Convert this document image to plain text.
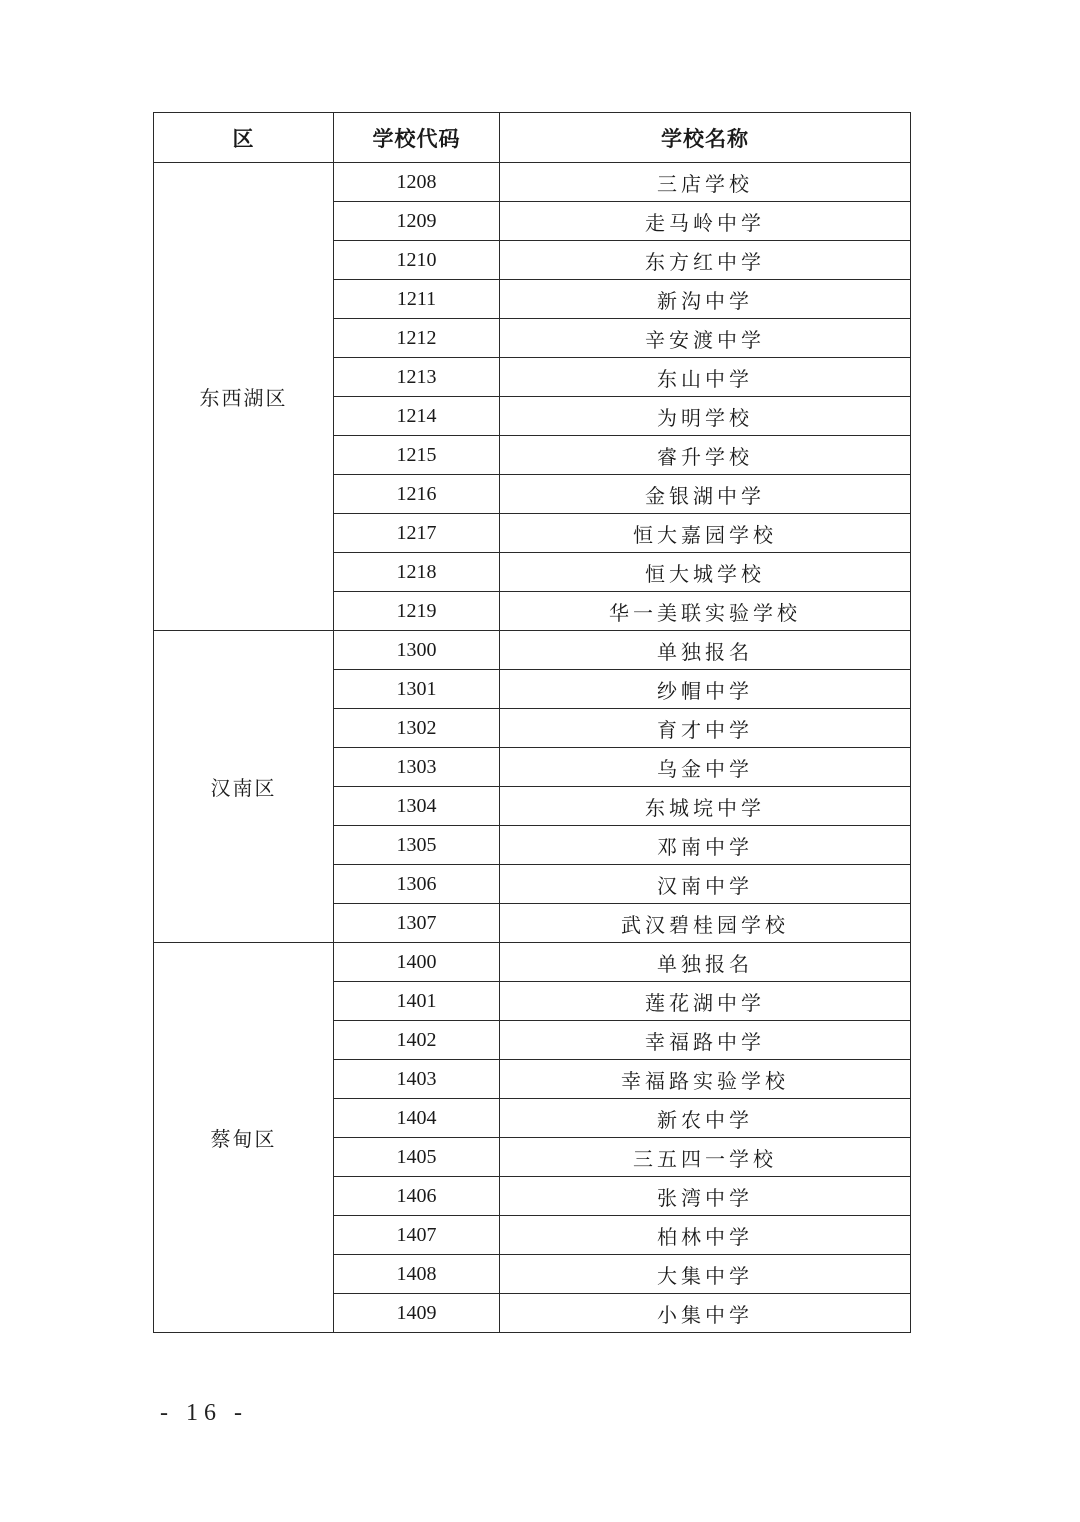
区	学校代码	学校名称
东西湖区	1208	三店学校
	1209	走马岭中学
	1210	东方红中学
	1211	新沟中学
	1212	辛安渡中学
	1213	东山中学
	1214	为明学校
	1215	睿升学校
	1216	金银湖中学
	1217	恒大嘉园学校
	1218	恒大城学校
	1219	华一美联实验学校
汉南区	1300	单独报名
	1301	纱帽中学
	1302	育才中学
	1303	乌金中学
	1304	东城垸中学
	1305	邓南中学
	1306	汉南中学
	1307	武汉碧桂园学校
蔡甸区	1400	单独报名
	1401	莲花湖中学
	1402	幸福路中学
	1403	幸福路实验学校
	1404	新农中学
	1405	三五四一学校
	1406	张湾中学
	1407	柏林中学
	1408	大集中学
	1409	小集中学
- 16 -
